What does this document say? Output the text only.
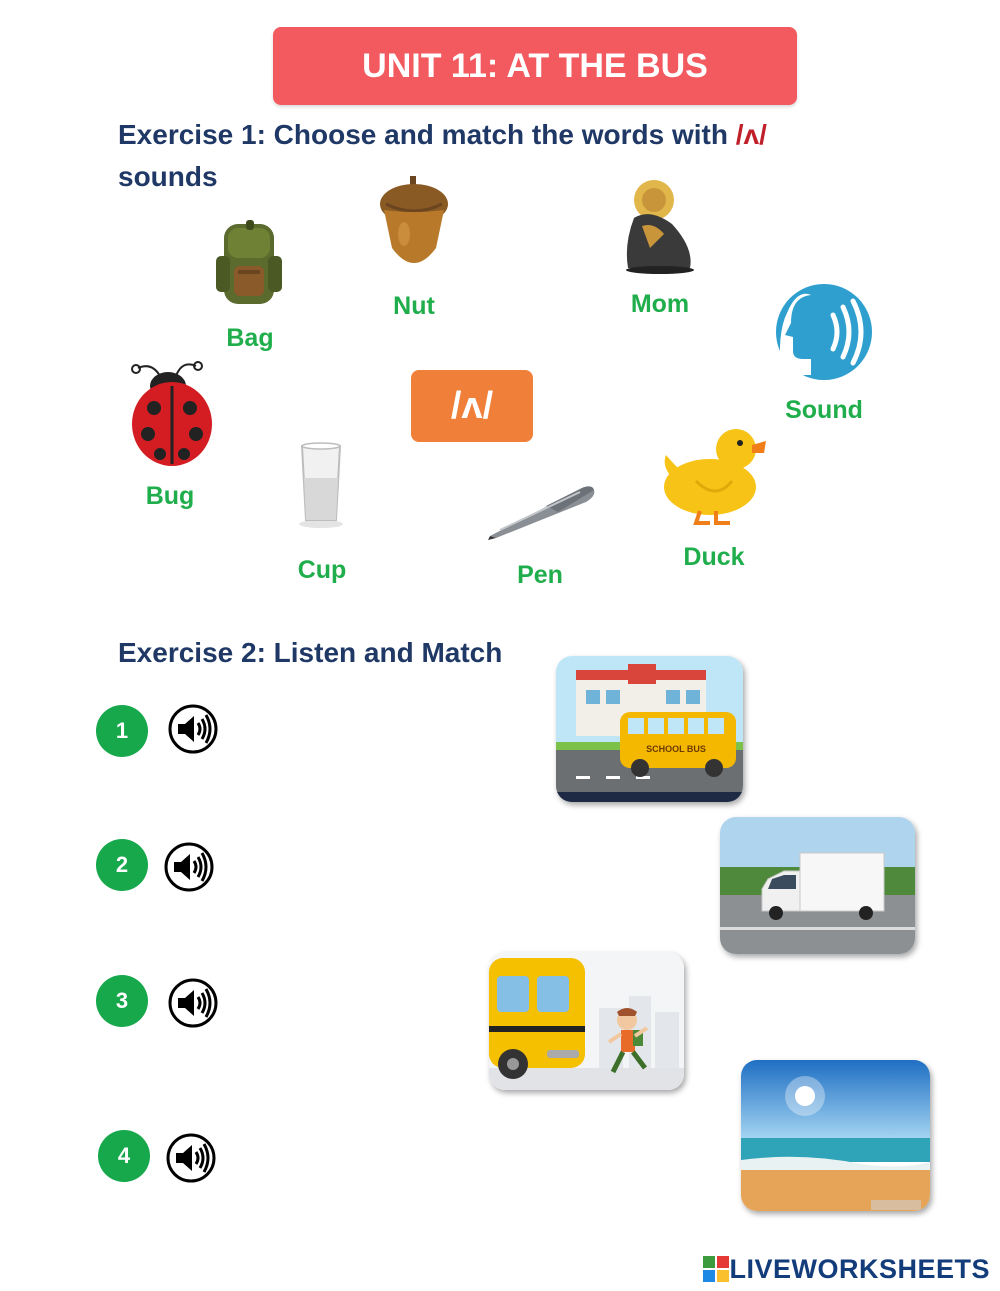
UNIT 11: AT THE BUS
Exercise 1: Choose and match the words with /ʌ/
sounds
Bag
Nut	Mom
Sound
Bug
/ʌ/
Cup	Pen
Duck
Exercise 2: Listen and Match
1
2
3
4
SCHOOL BUS
LIVEWORKSHEETS
